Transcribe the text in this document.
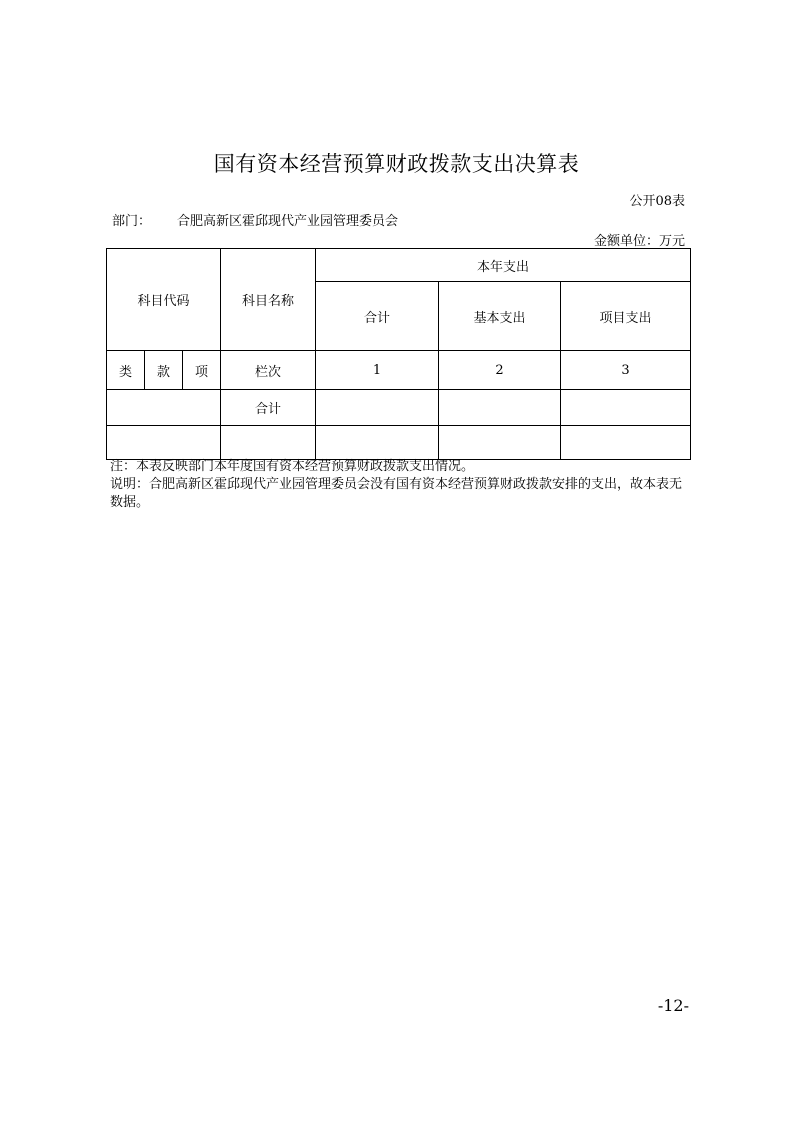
国有资本经营预算财政拨款支出决算表
公开08表
部门： 合肥高新区霍邱现代产业园管理委员会
金额单位：万元
科目代码			科目名称	本年支出		
				合计	基本支出	项目支出
类	款	项	栏次	1	2	3
			合计			

注：本表反映部门本年度国有资本经营预算财政拨款支出情况。
说明：合肥高新区霍邱现代产业园管理委员会没有国有资本经营预算财政拨款安排的支出，故本表无数据。
-12-
